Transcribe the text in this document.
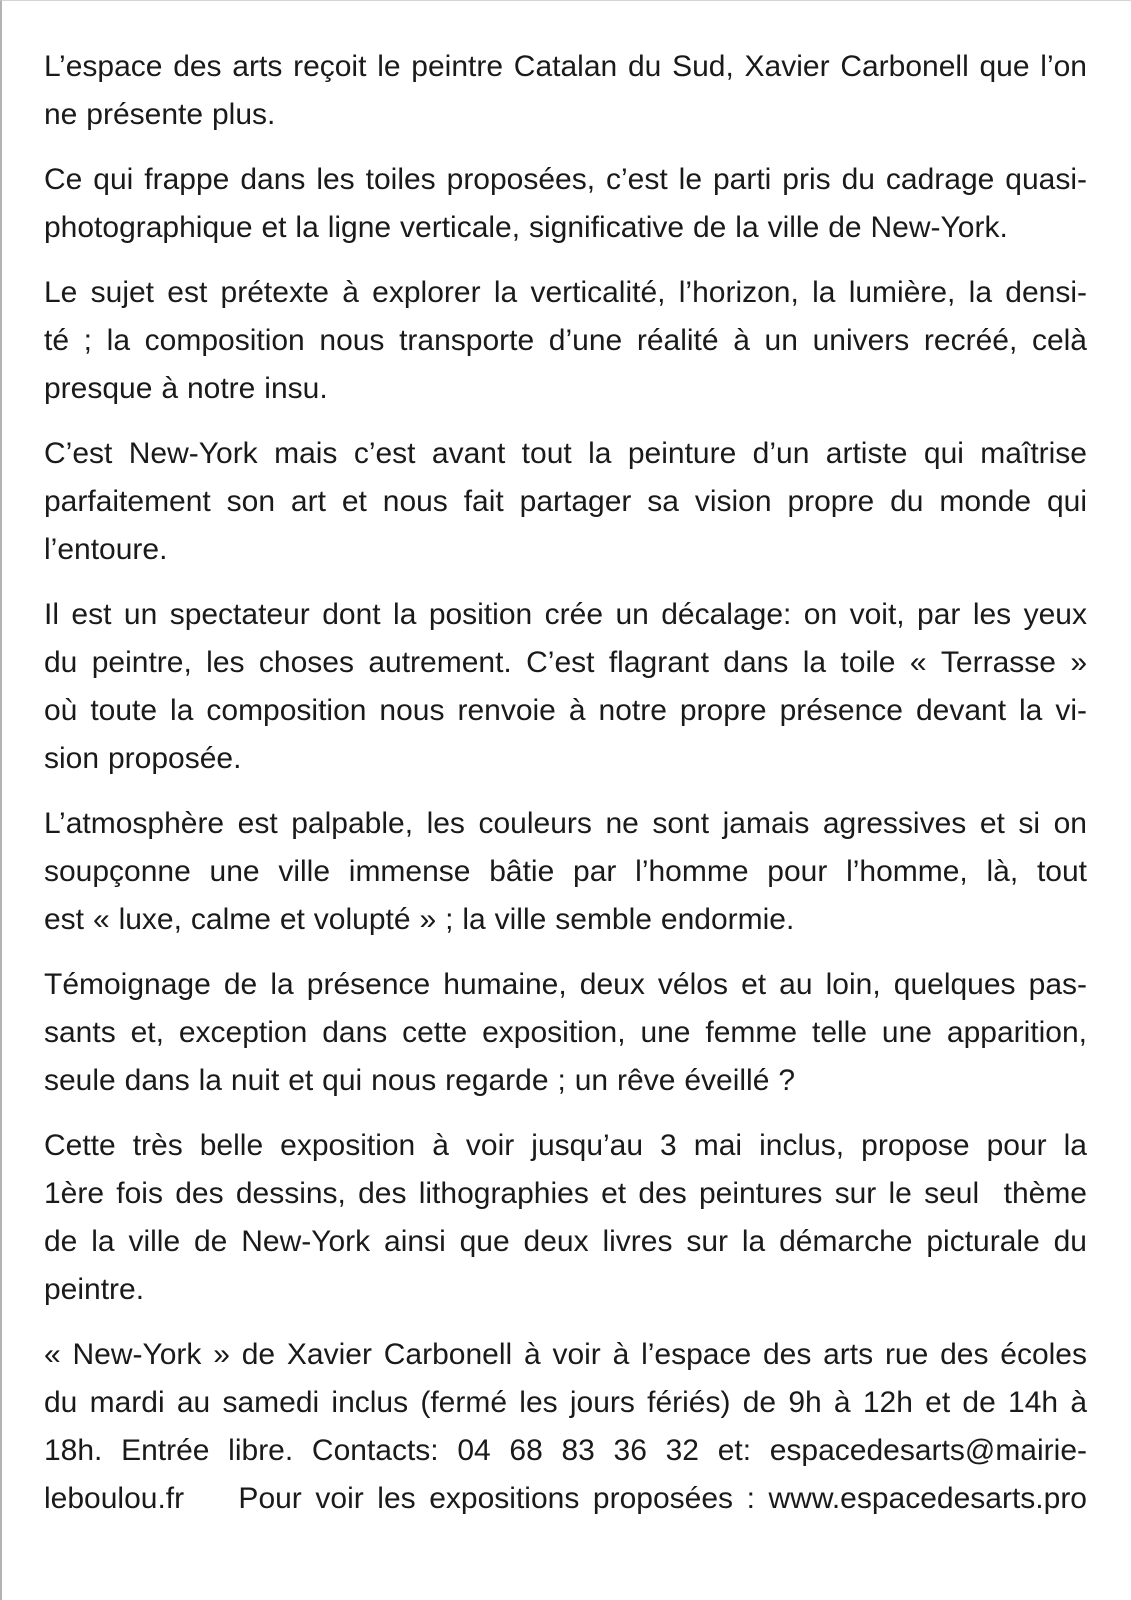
L’espace des arts reçoit le peintre Catalan du Sud, Xavier Carbonell que l’on
ne présente plus.

Ce qui frappe dans les toiles proposées, c’est le parti pris du cadrage quasi-
photographique et la ligne verticale, significative de la ville de New-York.

Le sujet est prétexte à explorer la verticalité, l’horizon, la lumière, la densi-
té ; la composition nous transporte d’une réalité à un univers recréé, celà
presque à notre insu.

C’est New-York mais c’est avant tout la peinture d’un artiste qui maîtrise
parfaitement son art et nous fait partager sa vision propre du monde qui
l’entoure.

Il est un spectateur dont la position crée un décalage: on voit, par les yeux
du peintre, les choses autrement. C’est flagrant dans la toile « Terrasse »
où toute la composition nous renvoie à notre propre présence devant la vi-
sion proposée.

L’atmosphère est palpable, les couleurs ne sont jamais agressives et si on
soupçonne une ville immense bâtie par l’homme pour l’homme, là, tout
est « luxe, calme et volupté » ; la ville semble endormie.

Témoignage de la présence humaine, deux vélos et au loin, quelques pas-
sants et, exception dans cette exposition, une femme telle une apparition,
seule dans la nuit et qui nous regarde ; un rêve éveillé ?

Cette très belle exposition à voir jusqu’au 3 mai inclus, propose pour la
1ère fois des dessins, des lithographies et des peintures sur le seul  thème
de la ville de New-York ainsi que deux livres sur la démarche picturale du
peintre.

« New-York » de Xavier Carbonell à voir à l’espace des arts rue des écoles
du mardi au samedi inclus (fermé les jours fériés) de 9h à 12h et de 14h à
18h. Entrée libre. Contacts: 04 68 83 36 32 et: espacedesarts@mairie-
leboulou.fr    Pour voir les expositions proposées : www.espacedesarts.pro
